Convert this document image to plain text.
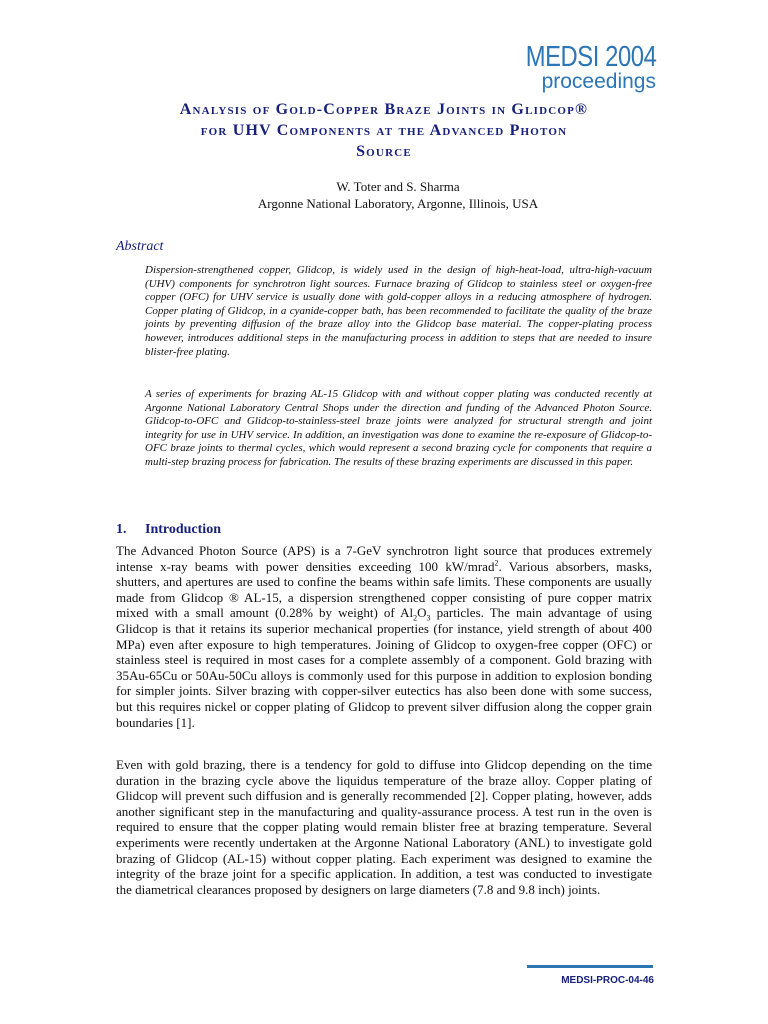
MEDSI 2004
proceedings
Analysis of Gold-Copper Braze Joints in Glidcop®
for UHV Components at the Advanced Photon
Source
W. Toter and S. Sharma
Argonne National Laboratory, Argonne, Illinois, USA
Abstract
Dispersion-strengthened copper, Glidcop, is widely used in the design of high-heat-load, ultra-high-vacuum (UHV) components for synchrotron light sources. Furnace brazing of Glidcop to stainless steel or oxygen-free copper (OFC) for UHV service is usually done with gold-copper alloys in a reducing atmosphere of hydrogen. Copper plating of Glidcop, in a cyanide-copper bath, has been recommended to facilitate the quality of the braze joints by preventing diffusion of the braze alloy into the Glidcop base material. The copper-plating process however, introduces additional steps in the manufacturing process in addition to steps that are needed to insure blister-free plating.
A series of experiments for brazing AL-15 Glidcop with and without copper plating was conducted recently at Argonne National Laboratory Central Shops under the direction and funding of the Advanced Photon Source. Glidcop-to-OFC and Glidcop-to-stainless-steel braze joints were analyzed for structural strength and joint integrity for use in UHV service. In addition, an investigation was done to examine the re-exposure of Glidcop-to-OFC braze joints to thermal cycles, which would represent a second brazing cycle for components that require a multi-step brazing process for fabrication. The results of these brazing experiments are discussed in this paper.
1. Introduction
The Advanced Photon Source (APS) is a 7-GeV synchrotron light source that produces extremely intense x-ray beams with power densities exceeding 100 kW/mrad$^2$. Various absorbers, masks, shutters, and apertures are used to confine the beams within safe limits. These components are usually made from Glidcop ® AL-15, a dispersion strengthened copper consisting of pure copper matrix mixed with a small amount (0.28% by weight) of $Al_2O_3$ particles. The main advantage of using Glidcop is that it retains its superior mechanical properties (for instance, yield strength of about 400 MPa) even after exposure to high temperatures. Joining of Glidcop to oxygen-free copper (OFC) or stainless steel is required in most cases for a complete assembly of a component. Gold brazing with 35Au-65Cu or 50Au-50Cu alloys is commonly used for this purpose in addition to explosion bonding for simpler joints. Silver brazing with copper-silver eutectics has also been done with some success, but this requires nickel or copper plating of Glidcop to prevent silver diffusion along the copper grain boundaries [1].
Even with gold brazing, there is a tendency for gold to diffuse into Glidcop depending on the time duration in the brazing cycle above the liquidus temperature of the braze alloy. Copper plating of Glidcop will prevent such diffusion and is generally recommended [2]. Copper plating, however, adds another significant step in the manufacturing and quality-assurance process. A test run in the oven is required to ensure that the copper plating would remain blister free at brazing temperature. Several experiments were recently undertaken at the Argonne National Laboratory (ANL) to investigate gold brazing of Glidcop (AL-15) without copper plating. Each experiment was designed to examine the integrity of the braze joint for a specific application. In addition, a test was conducted to investigate the diametrical clearances proposed by designers on large diameters (7.8 and 9.8 inch) joints.
MEDSI-PROC-04-46
